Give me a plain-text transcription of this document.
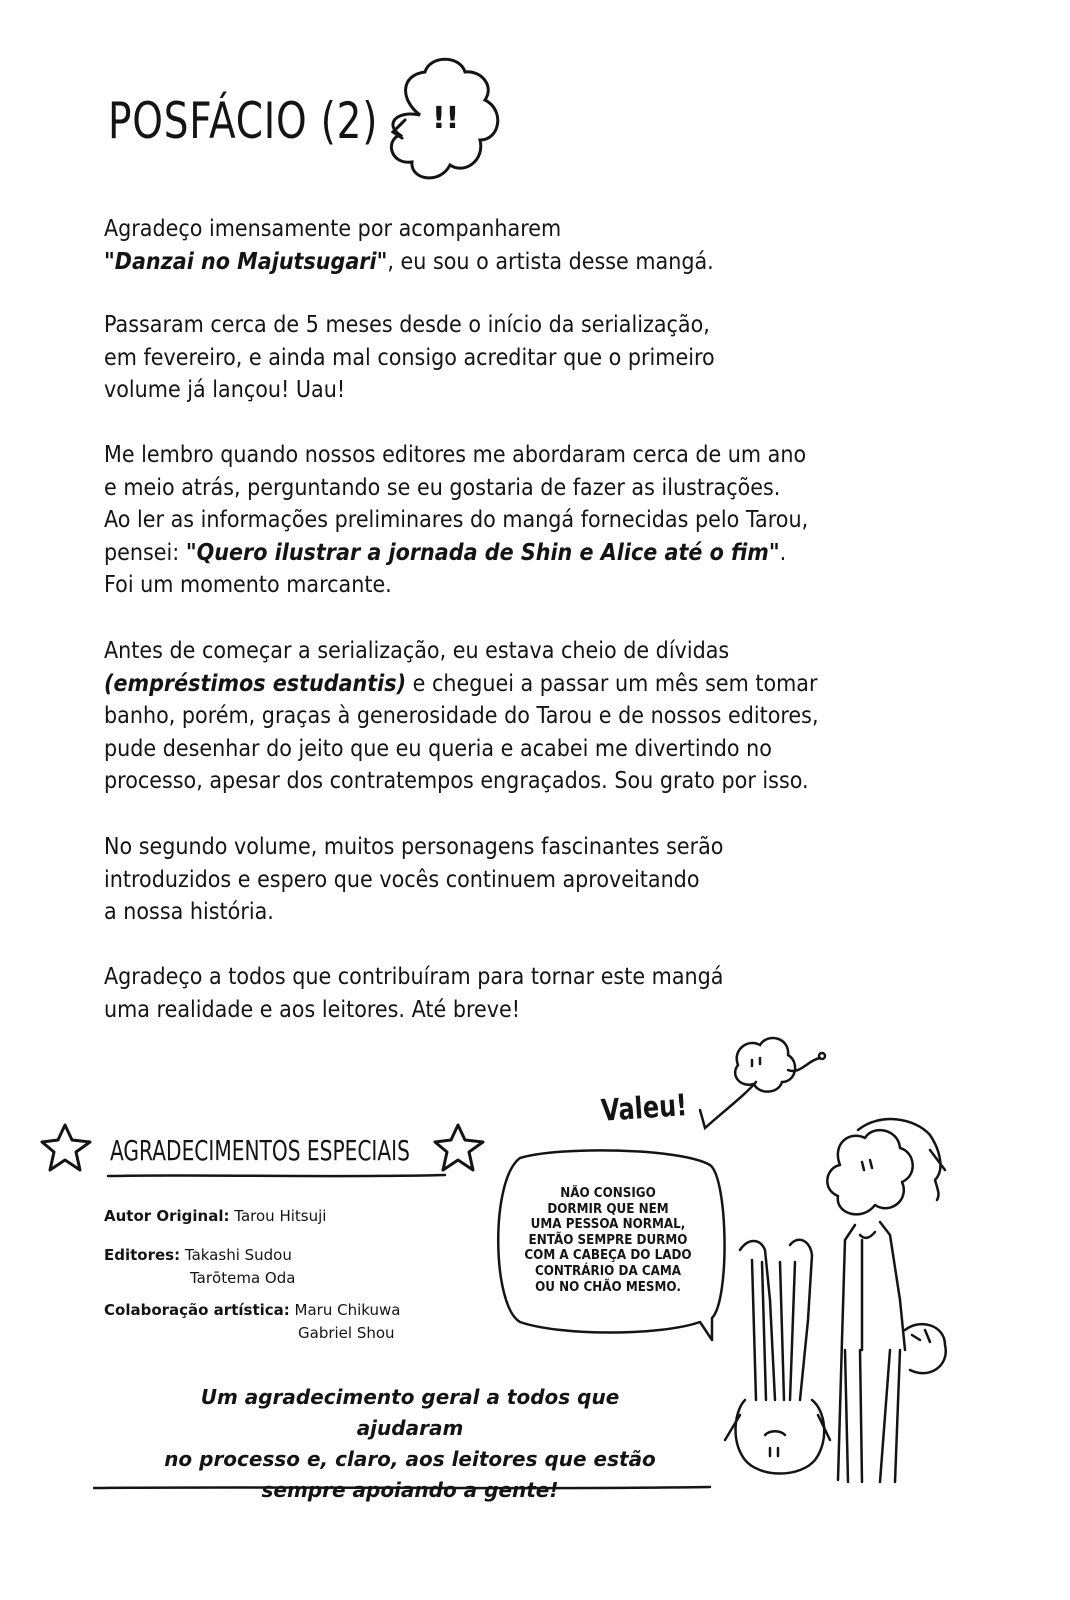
POSFÁCIO (2) !!
Agradeço imensamente por acompanharem
"Danzai no Majutsugari", eu sou o artista desse mangá.
Passaram cerca de 5 meses desde o início da serialização,
em fevereiro, e ainda mal consigo acreditar que o primeiro
volume já lançou! Uau!
Me lembro quando nossos editores me abordaram cerca de um ano
e meio atrás, perguntando se eu gostaria de fazer as ilustrações.
Ao ler as informações preliminares do mangá fornecidas pelo Tarou,
pensei: "Quero ilustrar a jornada de Shin e Alice até o fim".
Foi um momento marcante.
Antes de começar a serialização, eu estava cheio de dívidas
(empréstimos estudantis) e cheguei a passar um mês sem tomar
banho, porém, graças à generosidade do Tarou e de nossos editores,
pude desenhar do jeito que eu queria e acabei me divertindo no
processo, apesar dos contratempos engraçados. Sou grato por isso.
No segundo volume, muitos personagens fascinantes serão
introduzidos e espero que vocês continuem aproveitando
a nossa história.
Agradeço a todos que contribuíram para tornar este mangá
uma realidade e aos leitores. Até breve!
AGRADECIMENTOS ESPECIAIS
Autor Original: Tarou Hitsuji
Editores: Takashi Sudou
Tarōtema Oda
Colaboração artística: Maru Chikuwa
Gabriel Shou
Um agradecimento geral a todos que ajudaram
no processo e, claro, aos leitores que estão
sempre apoiando a gente!
Valeu!
NÃO CONSIGO
DORMIR QUE NEM
UMA PESSOA NORMAL,
ENTÃO SEMPRE DURMO
COM A CABEÇA DO LADO
CONTRÁRIO DA CAMA
OU NO CHÃO MESMO.
